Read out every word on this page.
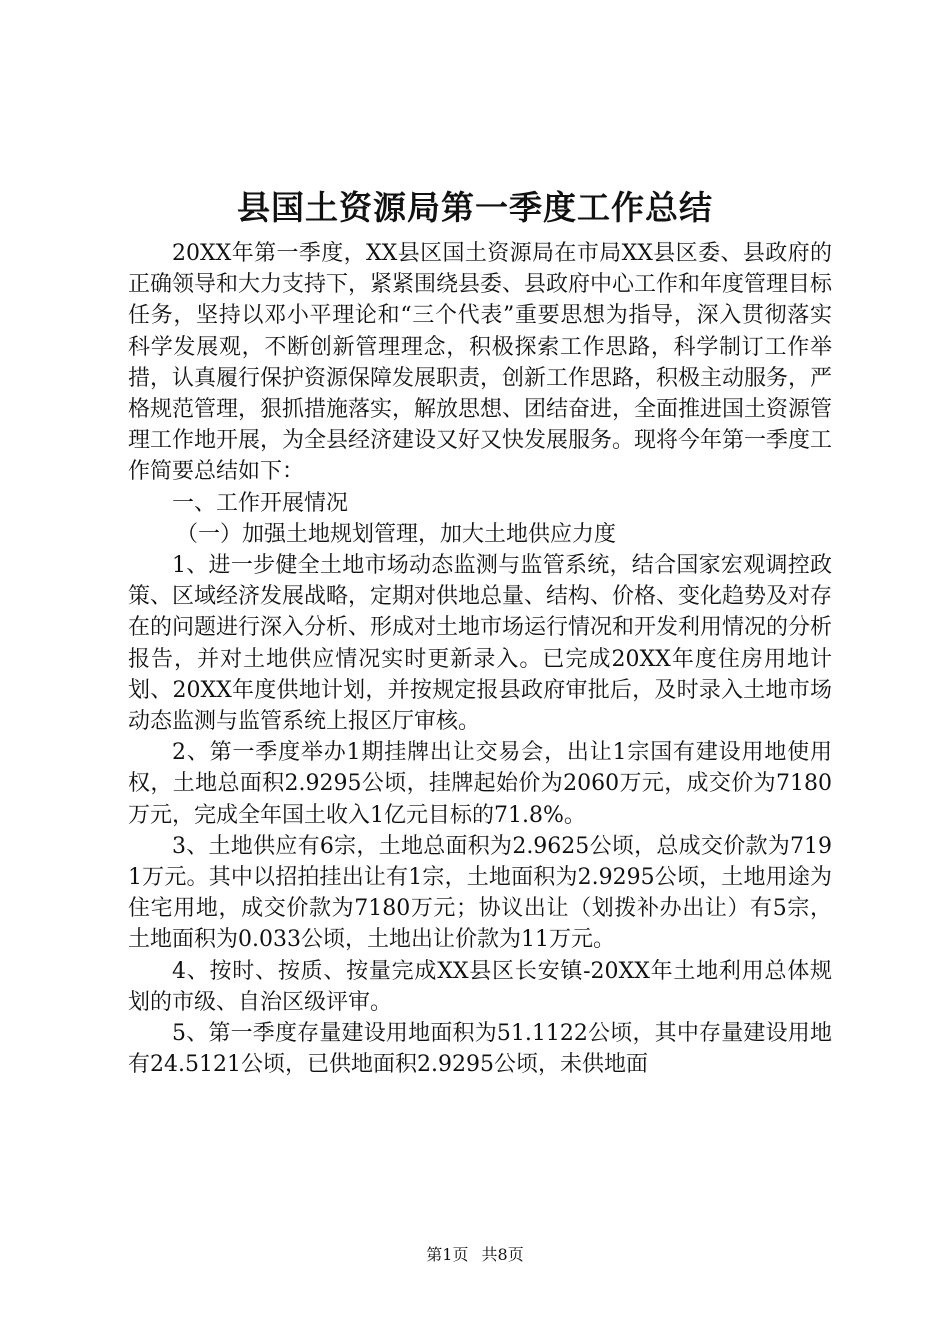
县国土资源局第一季度工作总结

20XX年第一季度，XX县区国土资源局在市局XX县区委、县政府的正确领导和大力支持下，紧紧围绕县委、县政府中心工作和年度管理目标任务，坚持以邓小平理论和“三个代表”重要思想为指导，深入贯彻落实科学发展观，不断创新管理理念，积极探索工作思路，科学制订工作举措，认真履行保护资源保障发展职责，创新工作思路，积极主动服务，严格规范管理，狠抓措施落实，解放思想、团结奋进，全面推进国土资源管理工作地开展，为全县经济建设又好又快发展服务。现将今年第一季度工作简要总结如下：

一、工作开展情况

（一）加强土地规划管理，加大土地供应力度

1、进一步健全土地市场动态监测与监管系统，结合国家宏观调控政策、区域经济发展战略，定期对供地总量、结构、价格、变化趋势及对存在的问题进行深入分析、形成对土地市场运行情况和开发利用情况的分析报告，并对土地供应情况实时更新录入。已完成20XX年度住房用地计划、20XX年度供地计划，并按规定报县政府审批后，及时录入土地市场动态监测与监管系统上报区厅审核。

2、第一季度举办1期挂牌出让交易会，出让1宗国有建设用地使用权，土地总面积2.9295公顷，挂牌起始价为2060万元，成交价为7180万元，完成全年国土收入1亿元目标的71.8%。

3、土地供应有6宗，土地总面积为2.9625公顷，总成交价款为7191万元。其中以招拍挂出让有1宗，土地面积为2.9295公顷，土地用途为住宅用地，成交价款为7180万元；协议出让（划拨补办出让）有5宗，土地面积为0.033公顷，土地出让价款为11万元。

4、按时、按质、按量完成XX县区长安镇-20XX年土地利用总体规划的市级、自治区级评审。

5、第一季度存量建设用地面积为51.1122公顷，其中存量建设用地有24.5121公顷，已供地面积2.9295公顷，未供地面

第1页 共8页
